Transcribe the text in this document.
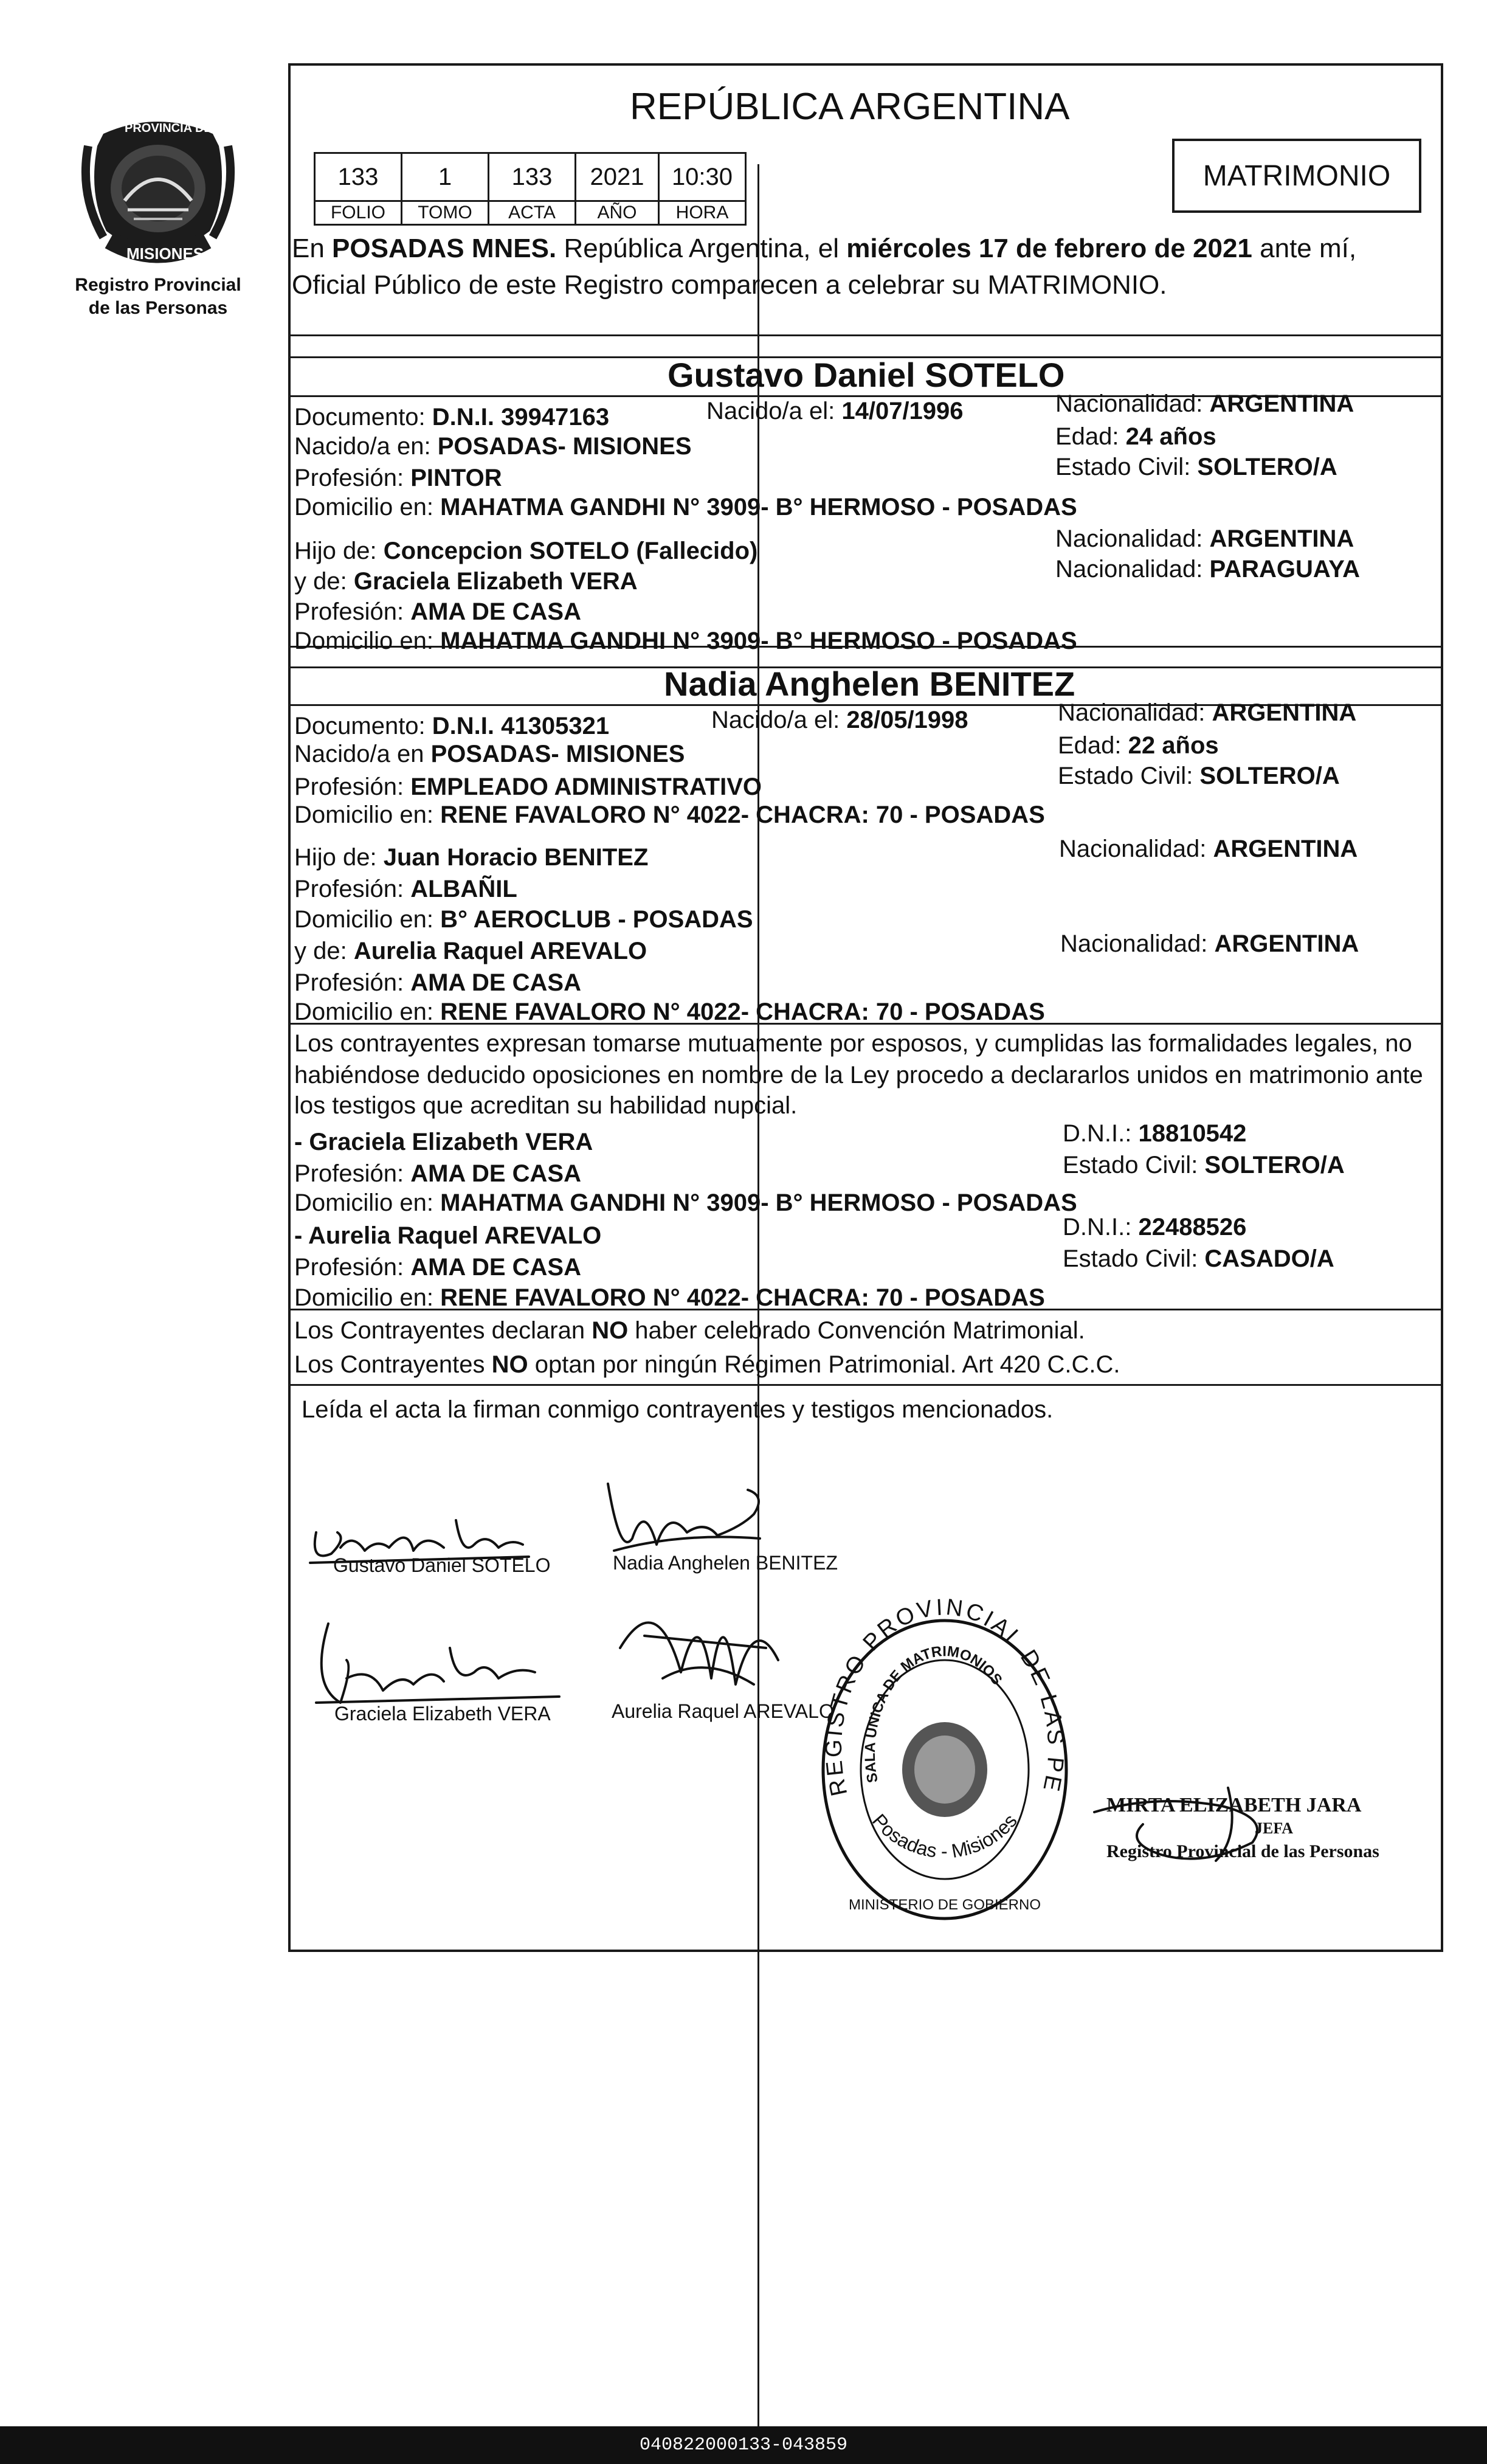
PROVINCIA DE
MISIONES
Registro Provincial
de las Personas
REPÚBLICA ARGENTINA
133	1	133	2021	10:30
FOLIO	TOMO	ACTA	AÑO	HORA
MATRIMONIO
En POSADAS MNES. República Argentina, el miércoles 17 de febrero de 2021 ante mí,
Oficial Público de este Registro comparecen a celebrar su MATRIMONIO.
Gustavo Daniel SOTELO
Documento: D.N.I. 39947163	Nacido/a el: 14/07/1996	Nacionalidad: ARGENTINA
Nacido/a en: POSADAS- MISIONES	Edad: 24 años
Profesión: PINTOR	Estado Civil: SOLTERO/A
Domicilio en: MAHATMA GANDHI N° 3909- B° HERMOSO - POSADAS
Hijo de: Concepcion SOTELO (Fallecido)	Nacionalidad: ARGENTINA
y de: Graciela Elizabeth VERA	Nacionalidad: PARAGUAYA
Profesión: AMA DE CASA
Domicilio en: MAHATMA GANDHI N° 3909- B° HERMOSO - POSADAS
Nadia Anghelen BENITEZ
Documento: D.N.I. 41305321	Nacido/a el: 28/05/1998	Nacionalidad: ARGENTINA
Nacido/a en POSADAS- MISIONES	Edad: 22 años
Profesión: EMPLEADO ADMINISTRATIVO	Estado Civil: SOLTERO/A
Domicilio en: RENE FAVALORO N° 4022- CHACRA: 70 - POSADAS
Hijo de: Juan Horacio BENITEZ	Nacionalidad: ARGENTINA
Profesión: ALBAÑIL
Domicilio en: B° AEROCLUB - POSADAS
y de: Aurelia Raquel AREVALO	Nacionalidad: ARGENTINA
Profesión: AMA DE CASA
Domicilio en: RENE FAVALORO N° 4022- CHACRA: 70 - POSADAS
Los contrayentes expresan tomarse mutuamente por esposos, y cumplidas las formalidades legales, no
habiéndose deducido oposiciones en nombre de la Ley procedo a declararlos unidos en matrimonio ante
los testigos que acreditan su habilidad nupcial.
- Graciela Elizabeth VERA	D.N.I.: 18810542
Profesión: AMA DE CASA	Estado Civil: SOLTERO/A
Domicilio en: MAHATMA GANDHI N° 3909- B° HERMOSO - POSADAS
- Aurelia Raquel AREVALO	D.N.I.: 22488526
Profesión: AMA DE CASA	Estado Civil: CASADO/A
Domicilio en: RENE FAVALORO N° 4022- CHACRA: 70 - POSADAS
Los Contrayentes declaran NO haber celebrado Convención Matrimonial.
Los Contrayentes NO optan por ningún Régimen Patrimonial. Art 420 C.C.C.
Leída el acta la firman conmigo contrayentes y testigos mencionados.
Gustavo Daniel SOTELO	Nadia Anghelen BENITEZ
Graciela Elizabeth VERA	Aurelia Raquel AREVALO
REGISTRO PROVINCIAL DE LAS PERSONAS
SALA UNICA DE MATRIMONIOS
Posadas - Misiones
MINISTERIO DE GOBIERNO
MIRTA ELIZABETH JARA
JEFA
Registro Provincial de las Personas
040822000133-043859
